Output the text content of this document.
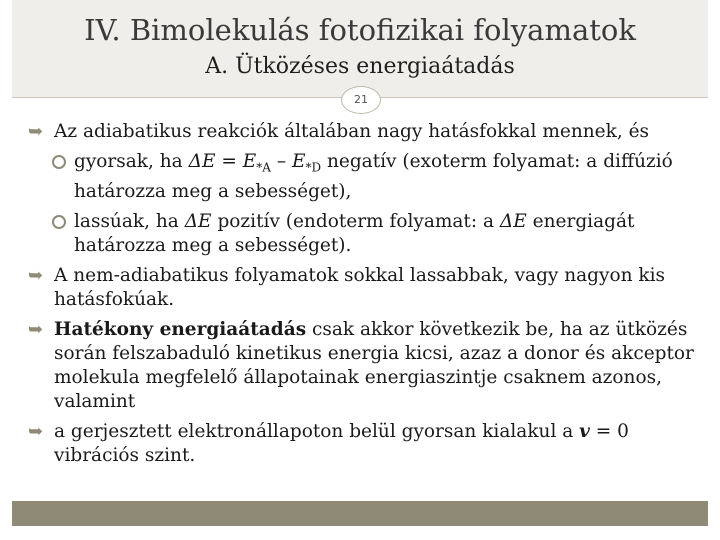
IV. Bimolekulás fotofizikai folyamatok
A. Ütközéses energiaátadás
21
➥ Az adiabatikus reakciók általában nagy hatásfokkal mennek, és
gyorsak, ha $\Delta E = E_{*A} - E_{*D}$ negatív (exoterm folyamat: a diffúzió határozza meg a sebességet),
lassúak, ha ΔE pozitív (endoterm folyamat: a ΔE energiagát határozza meg a sebességet).
➥ A nem-adiabatikus folyamatok sokkal lassabbak, vagy nagyon kis hatásfokúak.
➥ Hatékony energiaátadás csak akkor következik be, ha az ütközés során felszabaduló kinetikus energia kicsi, azaz a donor és akceptor molekula megfelelő állapotainak energiaszintje csaknem azonos, valamint
➥ a gerjesztett elektronállapoton belül gyorsan kialakul a v = 0 vibrációs szint.
